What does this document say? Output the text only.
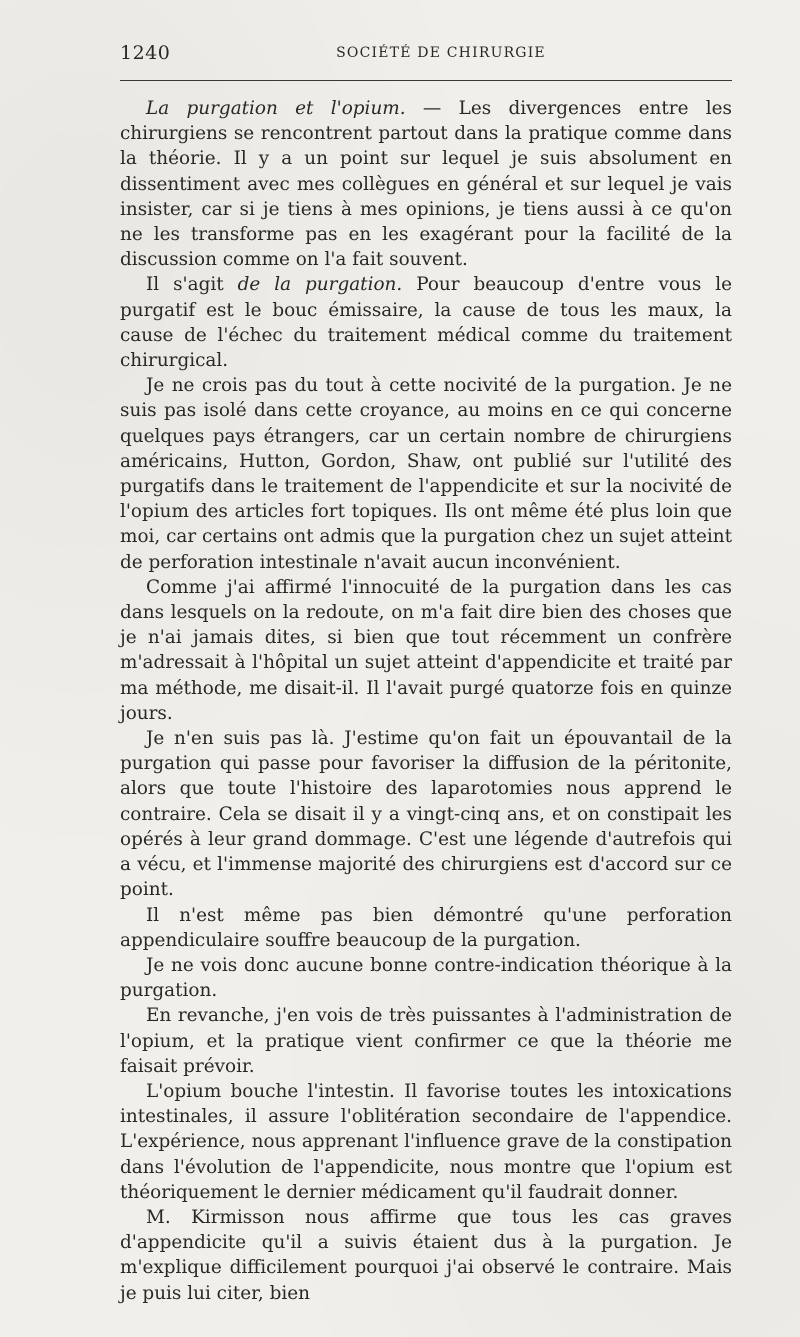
1240	SOCIÉTÉ DE CHIRURGIE

La purgation et l'opium. — Les divergences entre les chirurgiens se rencontrent partout dans la pratique comme dans la théorie. Il y a un point sur lequel je suis absolument en dissentiment avec mes collègues en général et sur lequel je vais insister, car si je tiens à mes opinions, je tiens aussi à ce qu'on ne les transforme pas en les exagérant pour la facilité de la discussion comme on l'a fait souvent.

Il s'agit de la purgation. Pour beaucoup d'entre vous le purgatif est le bouc émissaire, la cause de tous les maux, la cause de l'échec du traitement médical comme du traitement chirurgical.

Je ne crois pas du tout à cette nocivité de la purgation. Je ne suis pas isolé dans cette croyance, au moins en ce qui concerne quelques pays étrangers, car un certain nombre de chirurgiens américains, Hutton, Gordon, Shaw, ont publié sur l'utilité des purgatifs dans le traitement de l'appendicite et sur la nocivité de l'opium des articles fort topiques. Ils ont même été plus loin que moi, car certains ont admis que la purgation chez un sujet atteint de perforation intestinale n'avait aucun inconvénient.

Comme j'ai affirmé l'innocuité de la purgation dans les cas dans lesquels on la redoute, on m'a fait dire bien des choses que je n'ai jamais dites, si bien que tout récemment un confrère m'adressait à l'hôpital un sujet atteint d'appendicite et traité par ma méthode, me disait-il. Il l'avait purgé quatorze fois en quinze jours.

Je n'en suis pas là. J'estime qu'on fait un épouvantail de la purgation qui passe pour favoriser la diffusion de la péritonite, alors que toute l'histoire des laparotomies nous apprend le contraire. Cela se disait il y a vingt-cinq ans, et on constipait les opérés à leur grand dommage. C'est une légende d'autrefois qui a vécu, et l'immense majorité des chirurgiens est d'accord sur ce point.

Il n'est même pas bien démontré qu'une perforation appendiculaire souffre beaucoup de la purgation.

Je ne vois donc aucune bonne contre-indication théorique à la purgation.

En revanche, j'en vois de très puissantes à l'administration de l'opium, et la pratique vient confirmer ce que la théorie me faisait prévoir.

L'opium bouche l'intestin. Il favorise toutes les intoxications intestinales, il assure l'oblitération secondaire de l'appendice. L'expérience, nous apprenant l'influence grave de la constipation dans l'évolution de l'appendicite, nous montre que l'opium est théoriquement le dernier médicament qu'il faudrait donner.

M. Kirmisson nous affirme que tous les cas graves d'appendicite qu'il a suivis étaient dus à la purgation. Je m'explique difficilement pourquoi j'ai observé le contraire. Mais je puis lui citer, bien
